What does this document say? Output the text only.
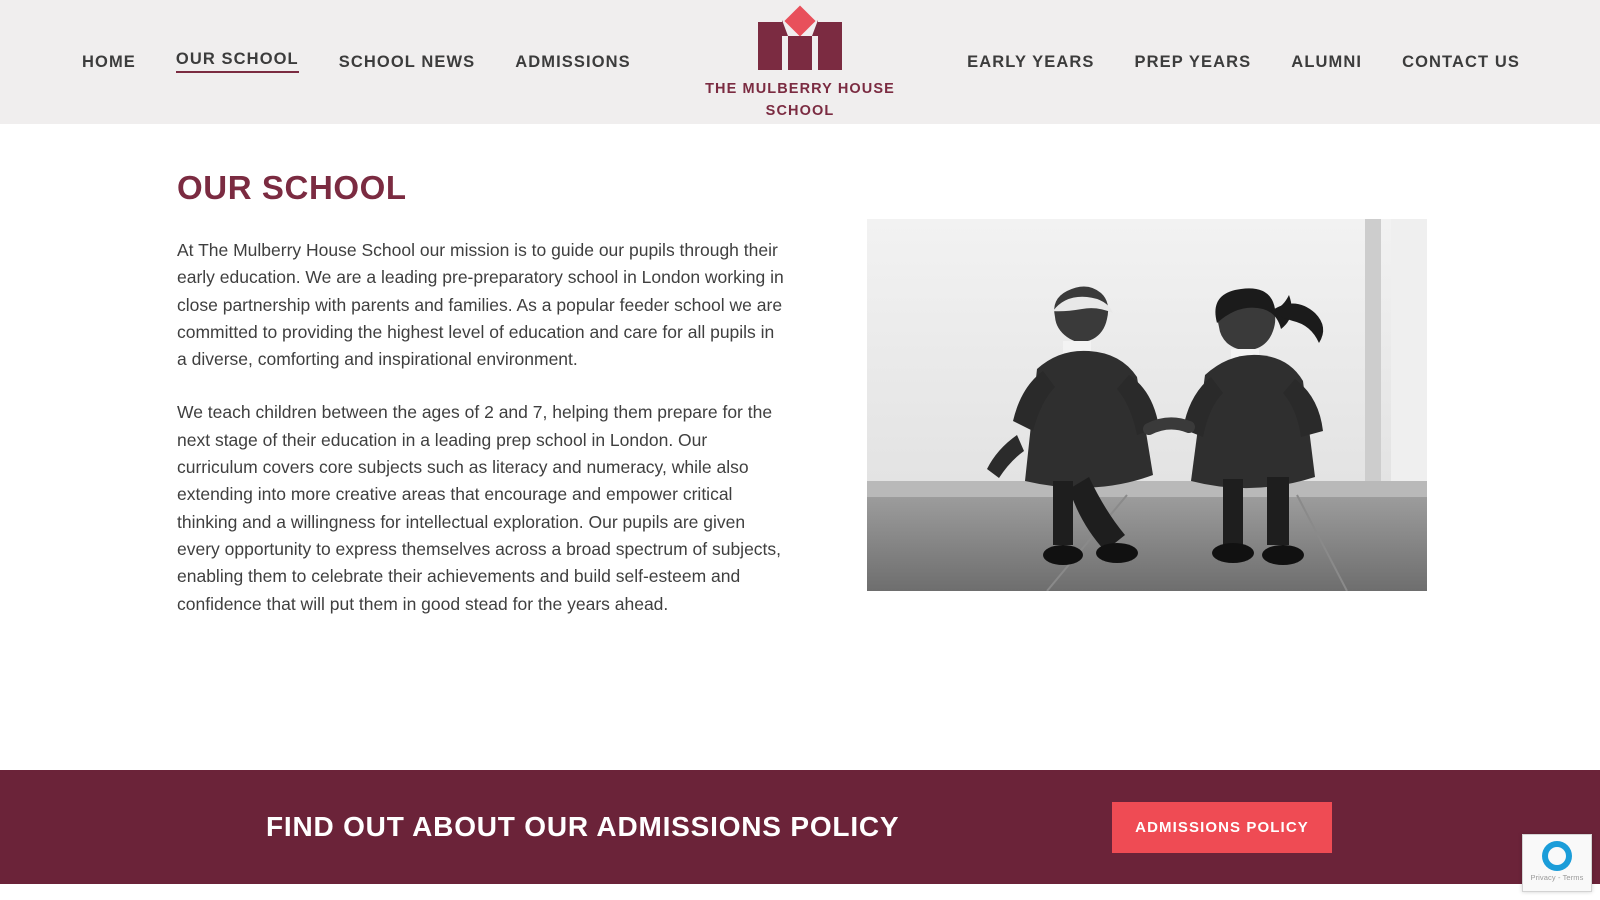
HOME OUR SCHOOL SCHOOL NEWS ADMISSIONS
THE MULBERRY HOUSE
SCHOOL
EARLY YEARS PREP YEARS ALUMNI CONTACT US
OUR SCHOOL

At The Mulberry House School our mission is to guide our pupils through their early education. We are a leading pre-preparatory school in London working in close partnership with parents and families. As a popular feeder school we are committed to providing the highest level of education and care for all pupils in a diverse, comforting and inspirational environment.

We teach children between the ages of 2 and 7, helping them prepare for the next stage of their education in a leading prep school in London. Our curriculum covers core subjects such as literacy and numeracy, while also extending into more creative areas that encourage and empower critical thinking and a willingness for intellectual exploration. Our pupils are given every opportunity to express themselves across a broad spectrum of subjects, enabling them to celebrate their achievements and build self-esteem and confidence that will put them in good stead for the years ahead.

FIND OUT ABOUT OUR ADMISSIONS POLICY	ADMISSIONS POLICY
Privacy - Terms
